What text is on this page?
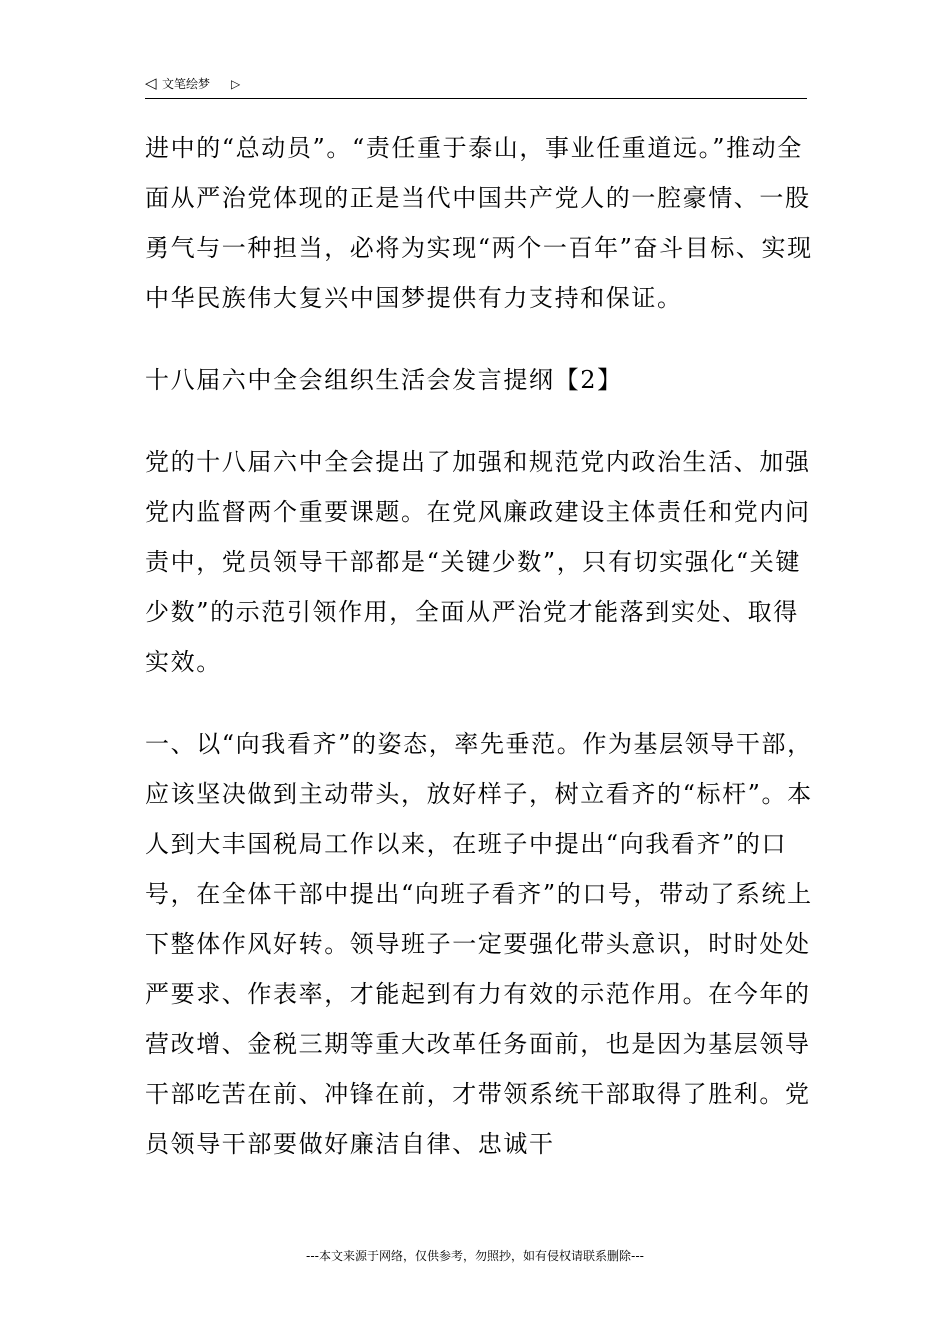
◁ 文笔绘梦 ▷

进中的“总动员”。“责任重于泰山，事业任重道远。”推动全面从严治党体现的正是当代中国共产党人的一腔豪情、一股勇气与一种担当，必将为实现“两个一百年”奋斗目标、实现中华民族伟大复兴中国梦提供有力支持和保证。

十八届六中全会组织生活会发言提纲【2】

党的十八届六中全会提出了加强和规范党内政治生活、加强党内监督两个重要课题。在党风廉政建设主体责任和党内问责中，党员领导干部都是“关键少数”，只有切实强化“关键少数”的示范引领作用，全面从严治党才能落到实处、取得实效。

一、以“向我看齐”的姿态，率先垂范。作为基层领导干部，应该坚决做到主动带头，放好样子，树立看齐的“标杆”。本人到大丰国税局工作以来，在班子中提出“向我看齐”的口号，在全体干部中提出“向班子看齐”的口号，带动了系统上下整体作风好转。领导班子一定要强化带头意识，时时处处严要求、作表率，才能起到有力有效的示范作用。在今年的营改增、金税三期等重大改革任务面前，也是因为基层领导干部吃苦在前、冲锋在前，才带领系统干部取得了胜利。党员领导干部要做好廉洁自律、忠诚干

---本文来源于网络，仅供参考，勿照抄，如有侵权请联系删除---
